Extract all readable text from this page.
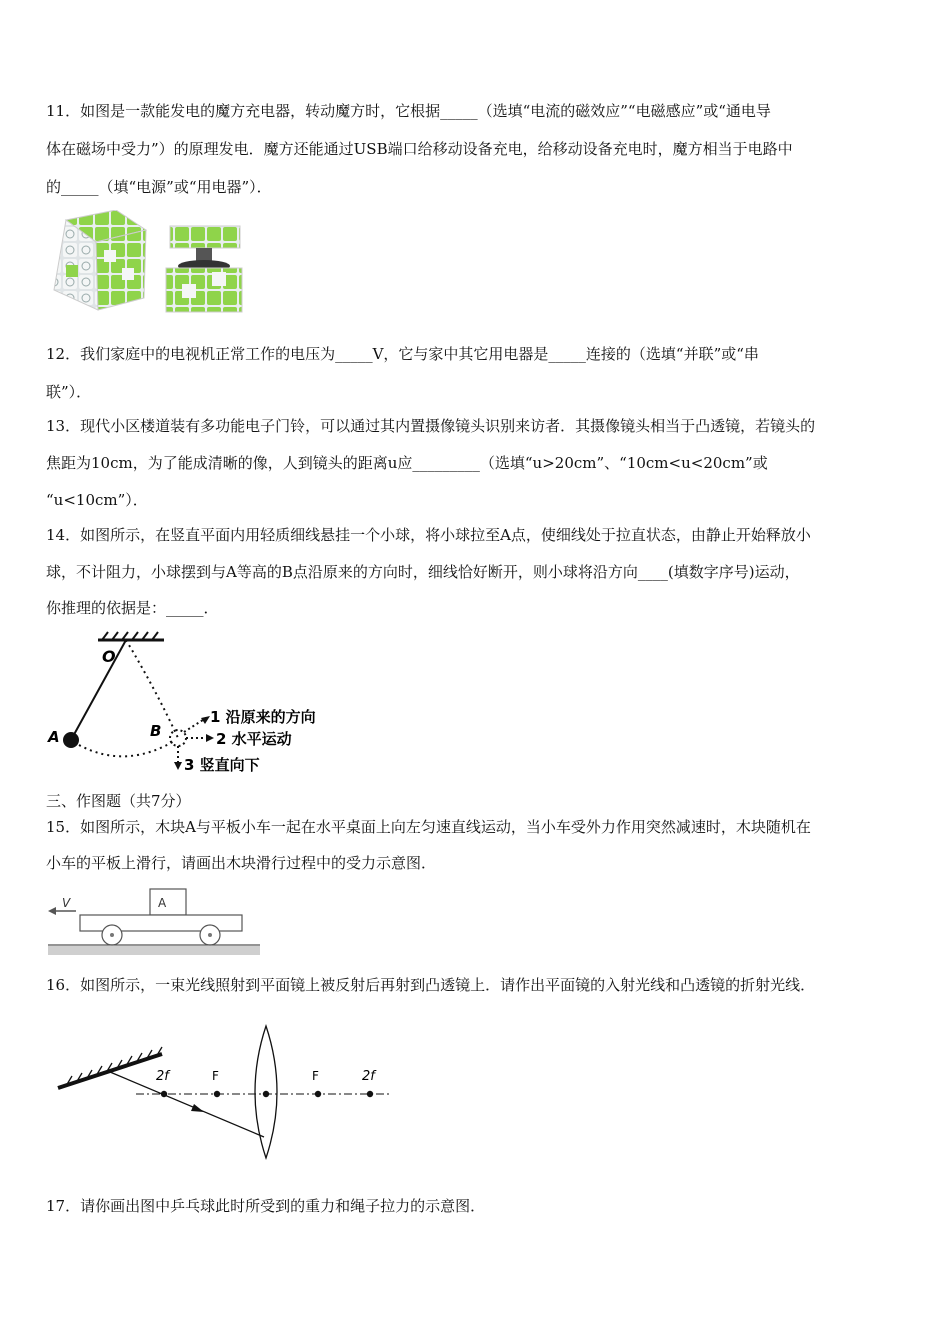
11．如图是一款能发电的魔方充电器，转动魔方时，它根据_____（选填“电流的磁效应”“电磁感应”或“通电导
体在磁场中受力”）的原理发电．魔方还能通过USB端口给移动设备充电，给移动设备充电时，魔方相当于电路中
的_____（填“电源”或“用电器”）．
12．我们家庭中的电视机正常工作的电压为_____V，它与家中其它用电器是_____连接的（选填“并联”或“串
联”）．
13．现代小区楼道装有多功能电子门铃，可以通过其内置摄像镜头识别来访者．其摄像镜头相当于凸透镜，若镜头的
焦距为10cm，为了能成清晰的像，人到镜头的距离u应_________（选填“u>20cm”、“10cm<u<20cm”或
“u<10cm”）．
14．如图所示，在竖直平面内用轻质细线悬挂一个小球，将小球拉至A点，使细线处于拉直状态，由静止开始释放小
球，不计阻力，小球摆到与A等高的B点沿原来的方向时，细线恰好断开，则小球将沿方向____(填数字序号)运动，
你推理的依据是：_____．
O
A	B
1 沿原来的方向
2 水平运动
3 竖直向下
三、作图题（共7分）
15．如图所示，木块A与平板小车一起在水平桌面上向左匀速直线运动，当小车受外力作用突然减速时，木块随机在
小车的平板上滑行，请画出木块滑行过程中的受力示意图．
V	A
16．如图所示，一束光线照射到平面镜上被反射后再射到凸透镜上．请作出平面镜的入射光线和凸透镜的折射光线．
2f	F	F	2f
17．请你画出图中乒乓球此时所受到的重力和绳子拉力的示意图．
